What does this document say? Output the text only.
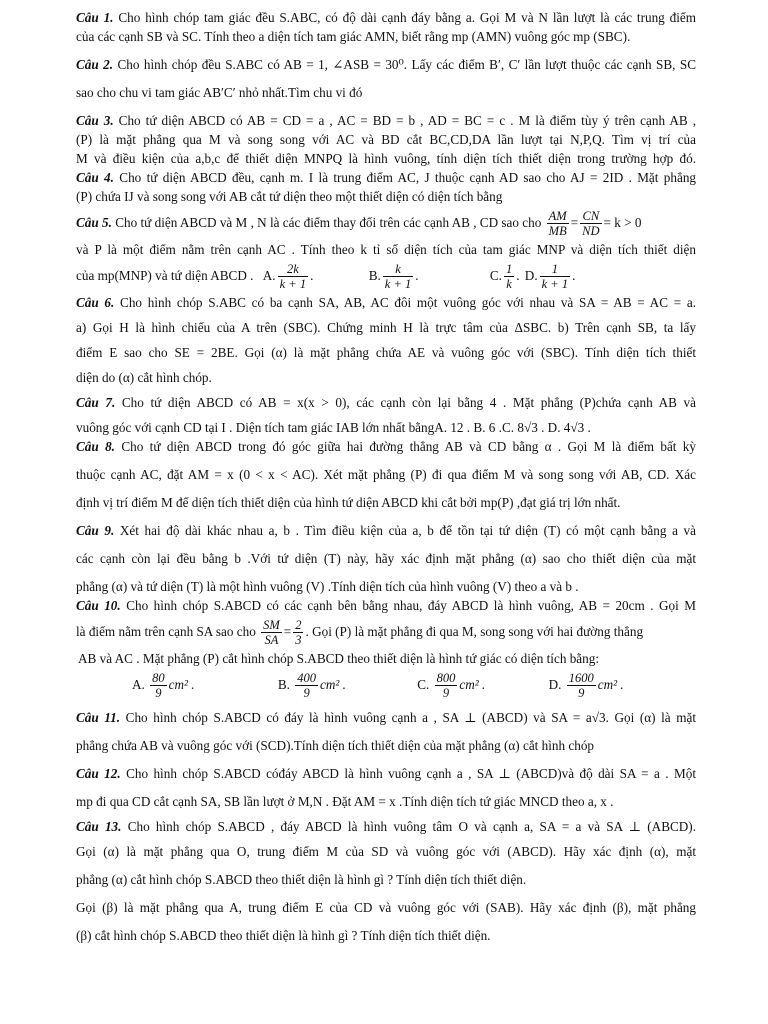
Câu 1. Cho hình chóp tam giác đều S.ABC, có độ dài cạnh đáy bằng a. Gọi M và N lần lượt là các trung điểm
của các cạnh SB và SC. Tính theo a diện tích tam giác AMN, biết rằng mp (AMN) vuông góc mp (SBC).
Câu 2. Cho hình chóp đều S.ABC có AB = 1, ∠ASB = 30⁰. Lấy các điểm B′, C′ lần lượt thuộc các cạnh SB, SC
sao cho chu vi tam giác AB′C′ nhỏ nhất.Tìm chu vi đó
Câu 3. Cho tứ diện ABCD có AB = CD = a , AC = BD = b , AD = BC = c . M là điểm tùy ý trên cạnh AB ,
(P) là mặt phẳng qua M và song song với AC và BD cắt BC,CD,DA lần lượt tại N,P,Q. Tìm vị trí của
M và điều kiện của a,b,c để thiết diện MNPQ là hình vuông, tính diện tích thiết diện trong trường hợp đó.
Câu 4. Cho tứ diện ABCD đều, cạnh m. I là trung điểm AC, J thuộc cạnh AD sao cho AJ = 2ID . Mặt phẳng
(P) chứa IJ và song song với AB cắt tứ diện theo một thiết diện có diện tích bằng
Câu 5. Cho tứ diện ABCD và M , N là các điểm thay đổi trên các cạnh AB , CD sao cho $\frac{AM}{MB} = \frac{CN}{ND} = k > 0$
và P là một điểm nằm trên cạnh AC . Tính theo k tỉ số diện tích của tam giác MNP và diện tích thiết diện
của mp(MNP) và tứ diện ABCD . A. $\frac{2k}{k + 1}$ .	B. $\frac{k}{k + 1}$ .	C. $\frac{1}{k}$ . D. $\frac{1}{k + 1}$ .
Câu 6. Cho hình chóp S.ABC có ba cạnh SA, AB, AC đôi một vuông góc với nhau và SA = AB = AC = a.
a) Gọi H là hình chiếu của A trên (SBC). Chứng minh H là trực tâm của ΔSBC. b) Trên cạnh SB, ta lấy
điểm E sao cho SE = 2BE. Gọi (α) là mặt phẳng chứa AE và vuông góc với (SBC). Tính diện tích thiết
diện do (α) cắt hình chóp.
Câu 7. Cho tứ diện ABCD có AB = x(x > 0), các cạnh còn lại bằng 4 . Mặt phẳng (P)chứa cạnh AB và
vuông góc với cạnh CD tại I . Diện tích tam giác IAB lớn nhất bằngA. 12 . B. 6 .C. 8√3 . D. 4√3 .
Câu 8. Cho tứ diện ABCD trong đó góc giữa hai đường thẳng AB và CD bằng α . Gọi M là điểm bất kỳ
thuộc cạnh AC, đặt AM = x (0 < x < AC). Xét mặt phẳng (P) đi qua điểm M và song song với AB, CD. Xác
định vị trí điểm M để diện tích thiết diện của hình tứ diện ABCD khi cắt bởi mp(P) ,đạt giá trị lớn nhất.
Câu 9. Xét hai độ dài khác nhau a, b . Tìm điều kiện của a, b để tồn tại tứ diện (T) có một cạnh bằng a và
các cạnh còn lại đều bằng b .Với tứ diện (T) này, hãy xác định mặt phẳng (α) sao cho thiết diện của mặt
phẳng (α) và tứ diện (T) là một hình vuông (V) .Tính diện tích của hình vuông (V) theo a và b .
Câu 10. Cho hình chóp S.ABCD có các cạnh bên bằng nhau, đáy ABCD là hình vuông, AB = 20cm . Gọi M
là điểm nằm trên cạnh SA sao cho $\frac{SM}{SA} = \frac{2}{3}$ . Gọi (P) là mặt phẳng đi qua M, song song với hai đường thẳng
AB và AC . Mặt phẳng (P) cắt hình chóp S.ABCD theo thiết diện là hình tứ giác có diện tích bằng:
A. $\frac{80}{9} cm^2$ .	B. $\frac{400}{9} cm^2$ .	C. $\frac{800}{9} cm^2$ .	D. $\frac{1600}{9} cm^2$ .
Câu 11. Cho hình chóp S.ABCD có đáy là hình vuông cạnh a , SA ⊥ (ABCD) và SA = a√3. Gọi (α) là mặt
phẳng chứa AB và vuông góc với (SCD).Tính diện tích thiết diện của mặt phẳng (α) cắt hình chóp
Câu 12. Cho hình chóp S.ABCD cóđáy ABCD là hình vuông cạnh a , SA ⊥ (ABCD)và độ dài SA = a . Một
mp đi qua CD cắt cạnh SA, SB lần lượt ở M,N . Đặt AM = x .Tính diện tích tứ giác MNCD theo a, x .
Câu 13. Cho hình chóp S.ABCD , đáy ABCD là hình vuông tâm O và cạnh a, SA = a và SA ⊥ (ABCD).
Gọi (α) là mặt phẳng qua O, trung điểm M của SD và vuông góc với (ABCD). Hãy xác định (α), mặt
phẳng (α) cắt hình chóp S.ABCD theo thiết diện là hình gì ? Tính diện tích thiết diện.
Gọi (β) là mặt phẳng qua A, trung điểm E của CD và vuông góc với (SAB). Hãy xác định (β), mặt phẳng
(β) cắt hình chóp S.ABCD theo thiết diện là hình gì ? Tính diện tích thiết diện.
